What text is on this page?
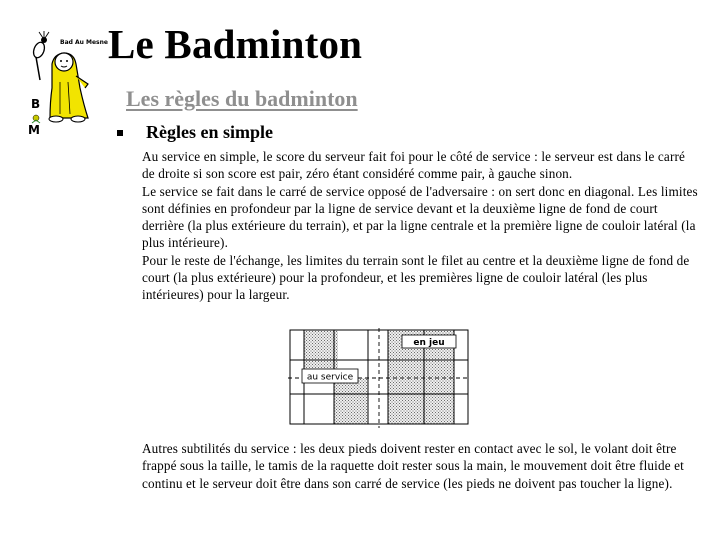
Bad Au Mesne
B
M
Le Badminton
Les règles du badminton
Règles en simple

Au service en simple, le score du serveur fait foi pour le côté de service : le serveur est dans le carré de droite si son score est pair, zéro étant considéré comme pair, à gauche sinon.
Le service se fait dans le carré de service opposé de l'adversaire : on sert donc en diagonal. Les limites sont définies en profondeur par la ligne de service devant et la deuxième ligne de fond de court derrière (la plus extérieure du terrain), et par la ligne centrale et la première ligne de couloir latéral (la plus intérieure).
Pour le reste de l'échange, les limites du terrain sont le filet au centre et la deuxième ligne de fond de court (la plus extérieure) pour la profondeur, et les premières ligne de couloir latéral (les plus intérieures) pour la largeur.

en jeu
au service

Autres subtilités du service : les deux pieds doivent rester en contact avec le sol, le volant doit être frappé sous la taille, le tamis de la raquette doit rester sous la main, le mouvement doit être fluide et continu et le serveur doit être dans son carré de service (les pieds ne doivent pas toucher la ligne).
